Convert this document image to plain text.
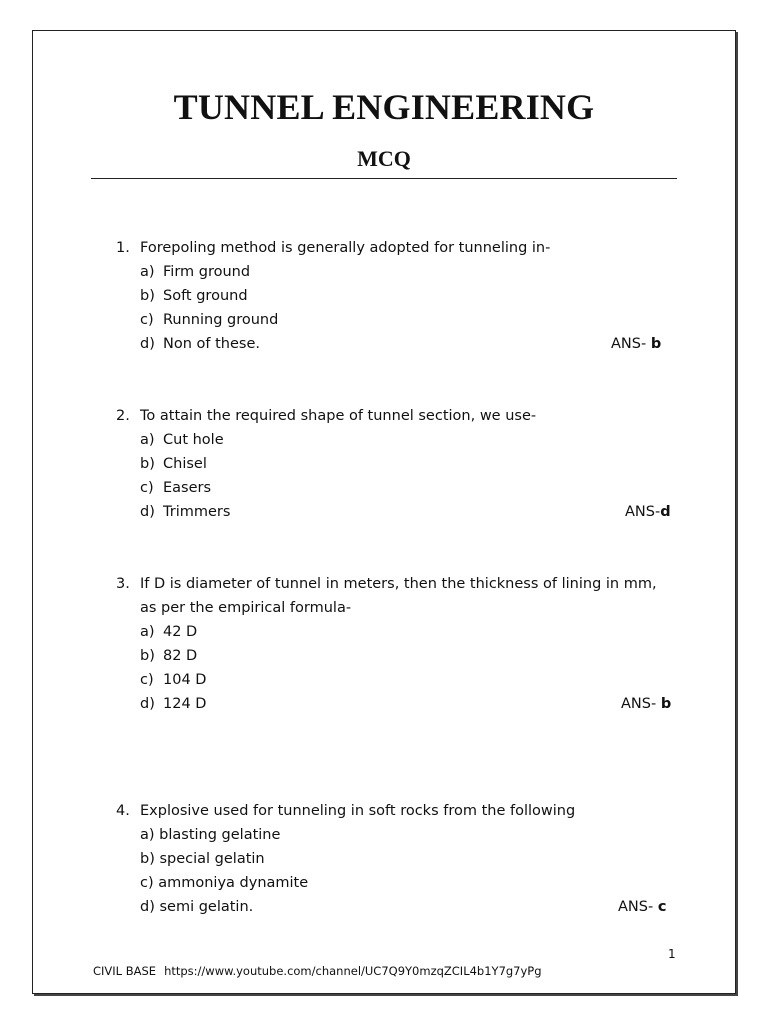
TUNNEL ENGINEERING
MCQ
1. Forepoling method is generally adopted for tunneling in-
a) Firm ground
b) Soft ground
c) Running ground
d) Non of these.	ANS- b
2. To attain the required shape of tunnel section, we use-
a) Cut hole
b) Chisel
c) Easers
d) Trimmers	ANS-d
3. If D is diameter of tunnel in meters, then the thickness of lining in mm,
as per the empirical formula-
a) 42 D
b) 82 D
c) 104 D
d) 124 D	ANS- b
4. Explosive used for tunneling in soft rocks from the following
a) blasting gelatine
b) special gelatin
c) ammoniya dynamite
d) semi gelatin.	ANS- c
1
CIVIL BASE https://www.youtube.com/channel/UC7Q9Y0mzqZCIL4b1Y7g7yPg
